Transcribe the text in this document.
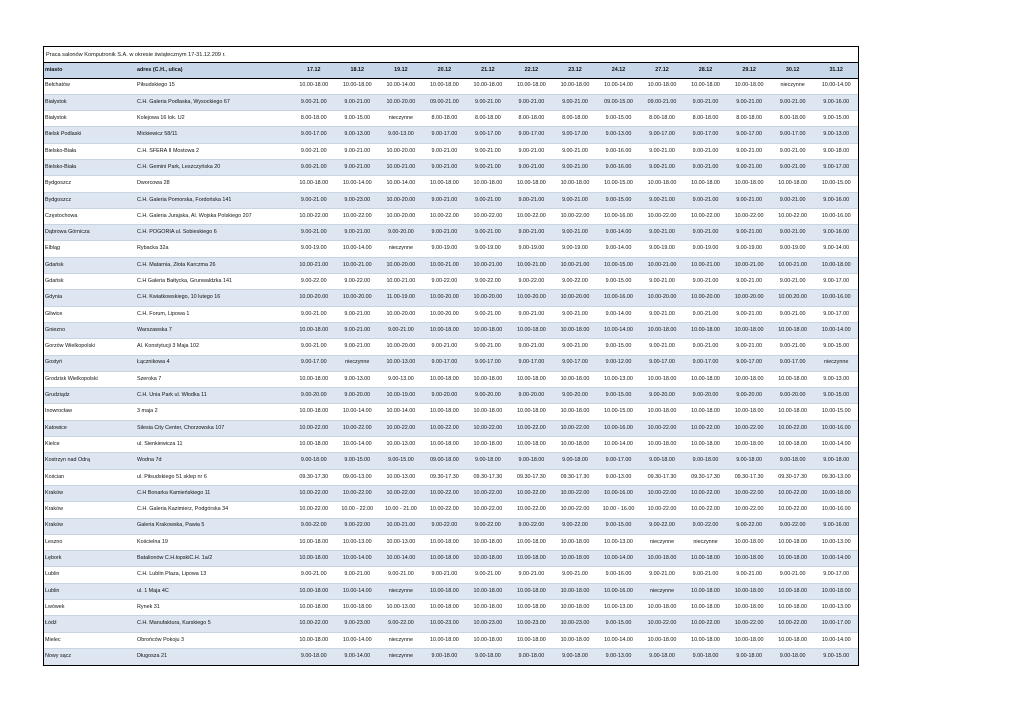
Praca salonów Komputronik S.A. w okresie świątecznym 17-31.12.209 r.
miasto	adres (C.H., ulica)	17.12	18.12	19.12	20.12	21.12	22.12	23.12	24.12	27.12	28.12	29.12	30.12	31.12
Bełchatów	Piłsudskiego 15	10.00-18.00	10.00-18.00	10.00-14.00	10.00-18.00	10.00-18.00	10.00-18.00	10.00-18.00	10.00-14.00	10.00-18.00	10.00-18.00	10.00-18.00	nieczynne	10.00-14.00
Białystok	C.H. Galeria Podlaska, Wysockiego 67	9.00-21.00	9.00-21.00	10.00-20.00	09.00-21.00	9.00-21.00	9.00-21.00	9.00-21.00	09.00-15.00	09.00-21.00	9.00-21.00	9.00-21.00	9.00-21.00	9.00-16.00
Białystok	Kolejowa 16 lok. U2	8.00-18.00	9.00-15.00	nieczynne	8.00-18.00	8.00-18.00	8.00-18.00	8.00-18.00	9.00-15.00	8.00-18.00	8.00-18.00	8.00-18.00	8.00-18.00	9.00-15.00
Bielsk Podlaski	Mickiewicz 58/11	9.00-17.00	9.00-13.00	9.00-13.00	9.00-17.00	9.00-17.00	9.00-17.00	9.00-17.00	9.00-13.00	9.00-17.00	9.00-17.00	9.00-17.00	9.00-17.00	9.00-13.00
Bielsko-Biała	C.H. SFERA II Mostowa 2	9.00-21.00	9.00-21.00	10.00-20.00	9.00-21.00	9.00-21.00	9.00-21.00	9.00-21.00	9.00-16.00	9.00-21.00	9.00-21.00	9.00-21.00	9.00-21.00	9.00-18.00
Bielsko-Biała	C.H. Gemini Park, Leszczyńska 20	9.00-21.00	9.00-21.00	10.00-21.00	9.00-21.00	9.00-21.00	9.00-21.00	9.00-21.00	9.00-16.00	9.00-21.00	9.00-21.00	9.00-21.00	9.00-21.00	9.00-17.00
Bydgoszcz	Dworcowa 28	10.00-18.00	10.00-14.00	10.00-14.00	10.00-18.00	10.00-18.00	10.00-18.00	10.00-18.00	10.00-15.00	10.00-18.00	10.00-18.00	10.00-18.00	10.00-18.00	10.00-15.00
Bydgoszcz	C.H. Galeria Pomorska, Fordońska 141	9.00-21.00	9.00-23.00	10.00-20.00	9.00-21.00	9.00-21.00	9.00-21.00	9.00-21.00	9.00-15.00	9.00-21.00	9.00-21.00	9.00-21.00	9.00-21.00	9.00-16.00
Częstochowa	C.H. Galeria Jurajska, Al. Wojska Polskiego 207	10.00-22.00	10.00-22.00	10.00-20.00	10.00-22.00	10.00-22.00	10.00-22.00	10.00-22.00	10.00-16.00	10.00-22.00	10.00-22.00	10.00-22.00	10.00-22.00	10.00-16.00
Dąbrowa Górnicza	C.H. POGORIA ul. Sobieskiego 6	9.00-21.00	9.00-21.00	9.00-20.00	9.00-21.00	9.00-21.00	9.00-21.00	9.00-21.00	9.00-14.00	9.00-21.00	9.00-21.00	9.00-21.00	9.00-21.00	9.00-16.00
Elbląg	Rybacka 32a	9.00-19.00	10.00-14.00	nieczynne	9.00-19.00	9.00-19.00	9.00-19.00	9.00-19.00	9.00-14.00	9.00-19.00	9.00-19.00	9.00-19.00	9.00-19.00	9.00-14.00
Gdańsk	C.H. Matarnia, Złota Karczma 26	10.00-21.00	10.00-21.00	10.00-20.00	10.00-21.00	10.00-21.00	10.00-21.00	10.00-21.00	10.00-15.00	10.00-21.00	10.00-21.00	10.00-21.00	10.00-21.00	10.00-18.00
Gdańsk	C.H Galeria Bałtycka, Grunwaldzka 141	9.00-22.00	9.00-22.00	10.00-21.00	9.00-22.00	9.00-22.00	9.00-22.00	9.00-22.00	9.00-15.00	9.00-21.00	9.00-21.00	9.00-21.00	9.00-21.00	9.00-17.00
Gdynia	C.H. Kwiatkowskiego, 10 lutego 16	10.00-20.00	10.00-20.00	11.00-19.00	10.00-20.00	10.00-20.00	10.00-20.00	10.00-20.00	10.00-16.00	10.00-20.00	10.00-20.00	10.00-20.00	10.00.20.00	10.00-16.00
Gliwice	C.H. Forum, Lipowa 1	9.00-21.00	9.00-21.00	10.00-20.00	10.00-20.00	9.00-21.00	9.00-21.00	9.00-21.00	9.00-14.00	9.00-21.00	9.00-21.00	9.00-21.00	9.00-21.00	9.00-17.00
Gniezno	Warszawska 7	10.00-18.00	9.00-21.00	9.00-21.00	10.00-18.00	10.00-18.00	10.00-18.00	10.00-18.00	10.00-14.00	10.00-18.00	10.00-18.00	10.00-18.00	10.00-18.00	10.00-14.00
Gorzów Wielkopolski	Al. Konstytucji 3 Maja 102	9.00-21.00	9.00-21.00	10.00-20.00	9.00-21.00	9.00-21.00	9.00-21.00	9.00-21.00	9.00-15.00	9.00-21.00	9.00-21.00	9.00-21.00	9.00-21.00	9.00-15.00
Gostyń	Łącznikowa 4	9.00-17.00	nieczynne	10.00-13.00	9.00-17.00	9.00-17.00	9.00-17.00	9.00-17.00	9.00-12.00	9.00-17.00	9.00-17.00	9.00-17.00	9.00-17.00	nieczynne
Grodzisk Wielkopolski	Szeroka 7	10.00-18.00	9.00-13.00	9.00-13.00	10.00-18.00	10.00-18.00	10.00-18.00	10.00-18.00	10.00-13.00	10.00-18.00	10.00-18.00	10.00-18.00	10.00-18.00	9.00-13.00
Grudziądz	C.H. Unia Park ul. Włodka 11	9.00-20.00	9.00-20.00	10.00-19.00	9.00-20.00	9.00-20.00	9.00-20.00	9.00-20.00	9.00-15.00	9.00-20.00	9.00-20.00	9.00-20.00	9.00-20.00	9.00-15.00
Inowrocław	3 maja 2	10.00-18.00	10.00-14.00	10.00-14.00	10.00-18.00	10.00-18.00	10.00-18.00	10.00-18.00	10.00-15.00	10.00-18.00	10.00-18.00	10.00-18.00	10.00-18.00	10.00-15.00
Katowice	Silesia City Center, Chorzowska 107	10.00-22.00	10.00-22.00	10.00-22.00	10.00-22.00	10.00-22.00	10.00-22.00	10.00-22.00	10.00-16.00	10.00-22.00	10.00-22.00	10.00-22.00	10.00-22.00	10.00-16.00
Kielce	ul. Sienkiewicza 11	10.00-18.00	10.00-14.00	10.00-13.00	10.00-18.00	10.00-18.00	10.00-18.00	10.00-18.00	10.00-14.00	10.00-18.00	10.00-18.00	10.00-18.00	10.00-18.00	10.00-14.00
Kostrzyn nad Odrą	Wodna 7d	9.00-18.00	9.00-15.00	9.00-15.00	09.00-18.00	9.00-18.00	9.00-18.00	9.00-18.00	9.00-17.00	9.00-18.00	9.00-18.00	9.00-18.00	9.00-18.00	9.00-18.00
Kościan	ul. Piłsudskiego 51 sklep nr 6	09.30-17.30	09.00-13.00	10.00-13.00	09.30-17.30	09.30-17.30	09.30-17.30	09.30-17.30	9.00-13.00	09.30-17.30	09.30-17.30	09.30-17.30	09.30-17.30	09.30-13.00
Kraków	C.H Bonarka Kamieńskiego 11	10.00-22.00	10.00-22.00	10.00-22.00	10.00-22.00	10.00-22.00	10.00-22.00	10.00-22.00	10.00-16.00	10.00-22.00	10.00-22.00	10.00-22.00	10.00-22.00	10.00-18.00
Kraków	C.H. Galeria Kazimierz, Podgórska 34	10.00-22.00	10.00 - 22.00	10.00 - 21.00	10.00-22.00	10.00-22.00	10.00-22.00	10.00-22.00	10.00 - 16.00	10.00-22.00	10.00-22.00	10.00-22.00	10.00-22.00	10.00-16.00
Kraków	Galeria Krakowska, Pawia 5	9.00-22.00	9.00-22.00	10.00-21.00	9.00-22.00	9.00-22.00	9.00-22.00	9.00-22.00	9.00-15.00	9.00-22.00	9.00-22.00	9.00-22.00	9.00-22.00	9.00-16.00
Leszno	Kościelna 19	10.00-18.00	10.00-13.00	10.00-13.00	10.00-18.00	10.00-18.00	10.00-18.00	10.00-18.00	10.00-13.00	nieczynne	nieczynne	10.00-18.00	10.00-18.00	10.00-13.00
Lębork	Batalionów C.H.łopskiC.H. 1a/2	10.00-18.00	10.00-14.00	10.00-14.00	10.00-18.00	10.00-18.00	10.00-18.00	10.00-18.00	10.00-14.00	10.00-18.00	10.00-18.00	10.00-18.00	10.00-18.00	10.00-14.00
Lublin	C.H. Lublin Plaza, Lipowa 13	9.00-21.00	9.00-21.00	9.00-21.00	9.00-21.00	9.00-21.00	9.00-21.00	9.00-21.00	9.00-16.00	9.00-21.00	9.00-21.00	9.00-21.00	9.00-21.00	9.00-17.00
Lublin	ul. 1 Maja 4C	10.00-18.00	10.00-14.00	nieczynne	10.00-18.00	10.00-18.00	10.00-18.00	10.00-18.00	10.00-16.00	nieczynne	10.00-18.00	10.00-18.00	10.00-18.00	10.00-18.00
Lwówek	Rynek 31	10.00-18.00	10.00-18.00	10.00-13.00	10.00-18.00	10.00-18.00	10.00-18.00	10.00-18.00	10.00-13.00	10.00-18.00	10.00-18.00	10.00-18.00	10.00-18.00	10.00-13.00
Łódź	C.H. Manufaktura, Karskiego 5	10.00-22.00	9.00-23.00	9.00-22.00	10.00-23.00	10.00-23.00	10.00-23.00	10.00-23.00	9.00-15.00	10.00-22.00	10.00-22.00	10.00-22.00	10.00-22.00	10.00-17.00
Mielec	Obrońców Pokoju 3	10.00-18.00	10.00-14.00	nieczynne	10.00-18.00	10.00-18.00	10.00-18.00	10.00-18.00	10.00-14.00	10.00-18.00	10.00-18.00	10.00-18.00	10.00-18.00	10.00-14.00
Nowy sącz	Długosza 21	9.00-18.00	9.00-14.00	nieczynne	9.00-18.00	9.00-18.00	9.00-18.00	9.00-18.00	9.00-13.00	9.00-18.00	9.00-18.00	9.00-18.00	9.00-18.00	9.00-15.00
